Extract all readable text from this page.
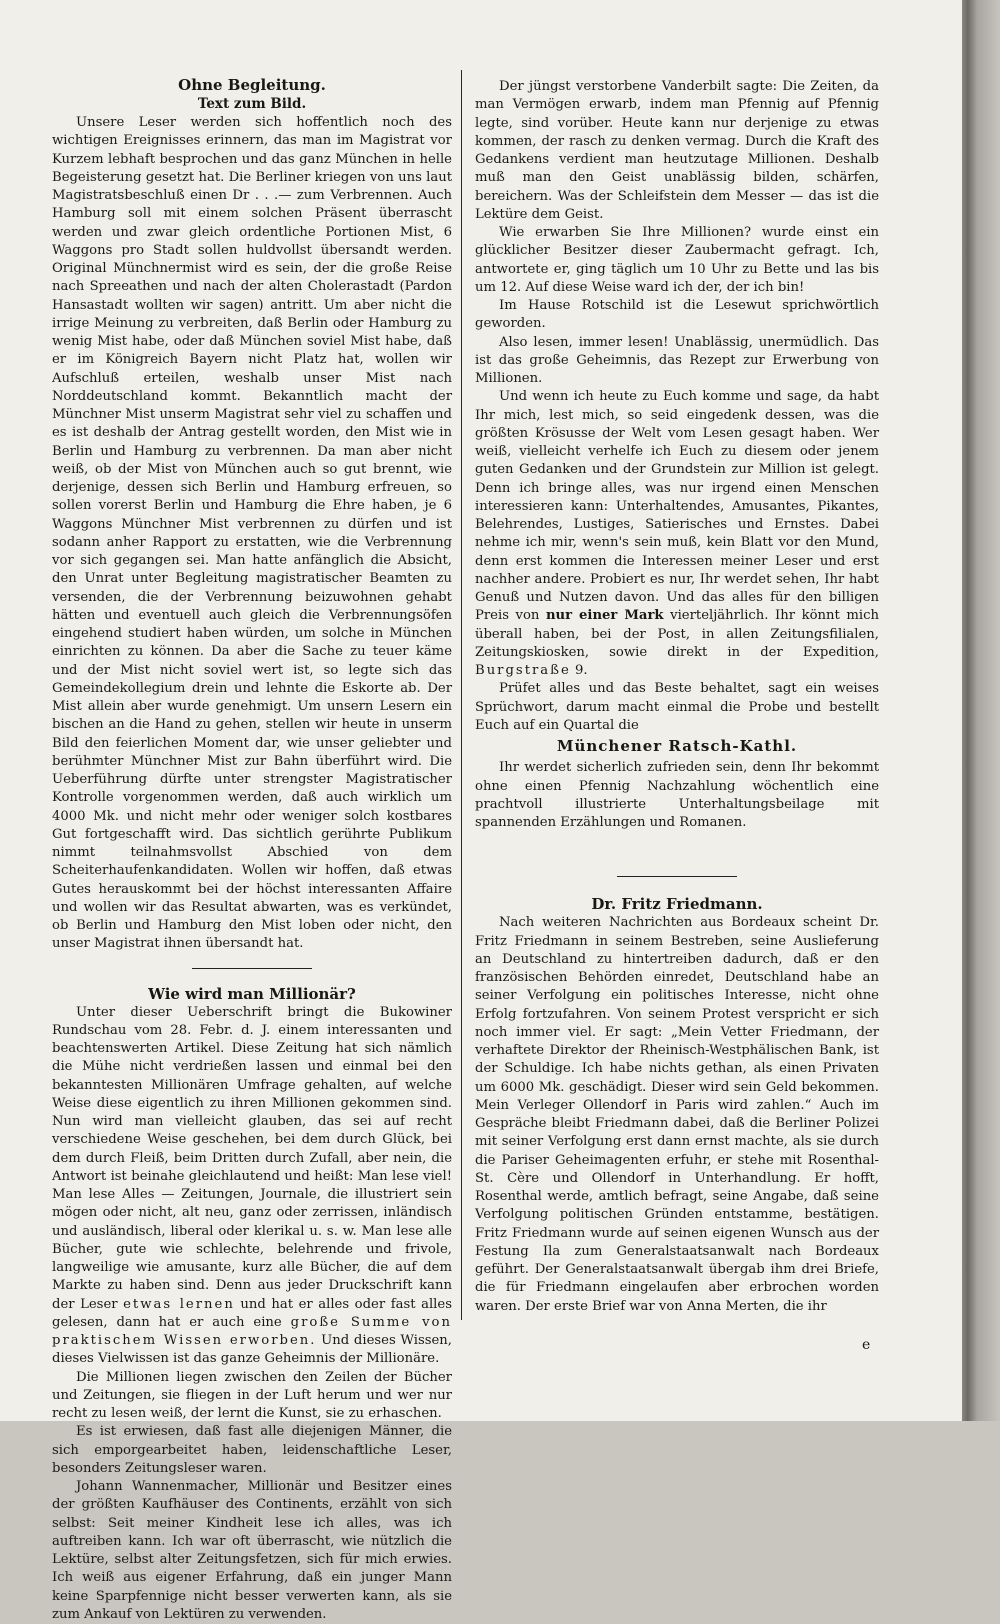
Ohne Begleitung.
Text zum Bild.

Unsere Leser werden sich hoffentlich noch des wichtigen Ereignisses erinnern, das man im Magistrat vor Kurzem lebhaft besprochen und das ganz München in helle Begeisterung gesetzt hat. Die Berliner kriegen von uns laut Magistratsbeschluß einen Dr . . .— zum Verbrennen. Auch Hamburg soll mit einem solchen Präsent überrascht werden und zwar gleich ordentliche Portionen Mist, 6 Waggons pro Stadt sollen huldvollst übersandt werden. Original Münchnermist wird es sein, der die große Reise nach Spreeathen und nach der alten Cholerastadt (Pardon Hansastadt wollten wir sagen) antritt. Um aber nicht die irrige Meinung zu verbreiten, daß Berlin oder Hamburg zu wenig Mist habe, oder daß München soviel Mist habe, daß er im Königreich Bayern nicht Platz hat, wollen wir Aufschluß erteilen, weshalb unser Mist nach Norddeutschland kommt. Bekanntlich macht der Münchner Mist unserm Magistrat sehr viel zu schaffen und es ist deshalb der Antrag gestellt worden, den Mist wie in Berlin und Hamburg zu verbrennen. Da man aber nicht weiß, ob der Mist von München auch so gut brennt, wie derjenige, dessen sich Berlin und Hamburg erfreuen, so sollen vorerst Berlin und Hamburg die Ehre haben, je 6 Waggons Münchner Mist verbrennen zu dürfen und ist sodann anher Rapport zu erstatten, wie die Verbrennung vor sich gegangen sei. Man hatte anfänglich die Absicht, den Unrat unter Begleitung magistratischer Beamten zu versenden, die der Verbrennung beizuwohnen gehabt hätten und eventuell auch gleich die Verbrennungsöfen eingehend studiert haben würden, um solche in München einrichten zu können. Da aber die Sache zu teuer käme und der Mist nicht soviel wert ist, so legte sich das Gemeindekollegium drein und lehnte die Eskorte ab. Der Mist allein aber wurde genehmigt. Um unsern Lesern ein bischen an die Hand zu gehen, stellen wir heute in unserm Bild den feierlichen Moment dar, wie unser geliebter und berühmter Münchner Mist zur Bahn überführt wird. Die Ueberführung dürfte unter strengster Magistratischer Kontrolle vorgenommen werden, daß auch wirklich um 4000 Mk. und nicht mehr oder weniger solch kostbares Gut fortgeschafft wird. Das sichtlich gerührte Publikum nimmt teilnahmsvollst Abschied von dem Scheiterhaufenkandidaten. Wollen wir hoffen, daß etwas Gutes herauskommt bei der höchst interessanten Affaire und wollen wir das Resultat abwarten, was es verkündet, ob Berlin und Hamburg den Mist loben oder nicht, den unser Magistrat ihnen übersandt hat.

Wie wird man Millionär?

Unter dieser Ueberschrift bringt die Bukowiner Rundschau vom 28. Febr. d. J. einem interessanten und beachtenswerten Artikel. Diese Zeitung hat sich nämlich die Mühe nicht verdrießen lassen und einmal bei den bekanntesten Millionären Umfrage gehalten, auf welche Weise diese eigentlich zu ihren Millionen gekommen sind. Nun wird man vielleicht glauben, das sei auf recht verschiedene Weise geschehen, bei dem durch Glück, bei dem durch Fleiß, beim Dritten durch Zufall, aber nein, die Antwort ist beinahe gleichlautend und heißt: Man lese viel! Man lese Alles — Zeitungen, Journale, die illustriert sein mögen oder nicht, alt neu, ganz oder zerrissen, inländisch und ausländisch, liberal oder klerikal u. s. w. Man lese alle Bücher, gute wie schlechte, belehrende und frivole, langweilige wie amusante, kurz alle Bücher, die auf dem Markte zu haben sind. Denn aus jeder Druckschrift kann der Leser etwas lernen und hat er alles oder fast alles gelesen, dann hat er auch eine große Summe von praktischem Wissen erworben. Und dieses Wissen, dieses Vielwissen ist das ganze Geheimnis der Millionäre.

Die Millionen liegen zwischen den Zeilen der Bücher und Zeitungen, sie fliegen in der Luft herum und wer nur recht zu lesen weiß, der lernt die Kunst, sie zu erhaschen.

Es ist erwiesen, daß fast alle diejenigen Männer, die sich emporgearbeitet haben, leidenschaftliche Leser, besonders Zeitungsleser waren.

Johann Wannenmacher, Millionär und Besitzer eines der größten Kaufhäuser des Continents, erzählt von sich selbst: Seit meiner Kindheit lese ich alles, was ich auftreiben kann. Ich war oft überrascht, wie nützlich die Lektüre, selbst alter Zeitungsfetzen, sich für mich erwies. Ich weiß aus eigener Erfahrung, daß ein junger Mann keine Sparpfennige nicht besser verwerten kann, als sie zum Ankauf von Lektüren zu verwenden.

Der jüngst verstorbene Vanderbilt sagte: Die Zeiten, da man Vermögen erwarb, indem man Pfennig auf Pfennig legte, sind vorüber. Heute kann nur derjenige zu etwas kommen, der rasch zu denken vermag. Durch die Kraft des Gedankens verdient man heutzutage Millionen. Deshalb muß man den Geist unablässig bilden, schärfen, bereichern. Was der Schleifstein dem Messer — das ist die Lektüre dem Geist.

Wie erwarben Sie Ihre Millionen? wurde einst ein glücklicher Besitzer dieser Zaubermacht gefragt. Ich, antwortete er, ging täglich um 10 Uhr zu Bette und las bis um 12. Auf diese Weise ward ich der, der ich bin!

Im Hause Rotschild ist die Lesewut sprichwörtlich geworden.

Also lesen, immer lesen! Unablässig, unermüdlich. Das ist das große Geheimnis, das Rezept zur Erwerbung von Millionen.

Und wenn ich heute zu Euch komme und sage, da habt Ihr mich, lest mich, so seid eingedenk dessen, was die größten Krösusse der Welt vom Lesen gesagt haben. Wer weiß, vielleicht verhelfe ich Euch zu diesem oder jenem guten Gedanken und der Grundstein zur Million ist gelegt. Denn ich bringe alles, was nur irgend einen Menschen interessieren kann: Unterhaltendes, Amusantes, Pikantes, Belehrendes, Lustiges, Satierisches und Ernstes. Dabei nehme ich mir, wenn's sein muß, kein Blatt vor den Mund, denn erst kommen die Interessen meiner Leser und erst nachher andere. Probiert es nur, Ihr werdet sehen, Ihr habt Genuß und Nutzen davon. Und das alles für den billigen Preis von nur einer Mark vierteljährlich. Ihr könnt mich überall haben, bei der Post, in allen Zeitungsfilialen, Zeitungskiosken, sowie direkt in der Expedition, Burgstraße 9.

Prüfet alles und das Beste behaltet, sagt ein weises Sprüchwort, darum macht einmal die Probe und bestellt Euch auf ein Quartal die

Münchener Ratsch-Kathl.

Ihr werdet sicherlich zufrieden sein, denn Ihr bekommt ohne einen Pfennig Nachzahlung wöchentlich eine prachtvoll illustrierte Unterhaltungsbeilage mit spannenden Erzählungen und Romanen.

Dr. Fritz Friedmann.

Nach weiteren Nachrichten aus Bordeaux scheint Dr. Fritz Friedmann in seinem Bestreben, seine Auslieferung an Deutschland zu hintertreiben dadurch, daß er den französischen Behörden einredet, Deutschland habe an seiner Verfolgung ein politisches Interesse, nicht ohne Erfolg fortzufahren. Von seinem Protest verspricht er sich noch immer viel. Er sagt: „Mein Vetter Friedmann, der verhaftete Direktor der Rheinisch-Westphälischen Bank, ist der Schuldige. Ich habe nichts gethan, als einen Privaten um 6000 Mk. geschädigt. Dieser wird sein Geld bekommen. Mein Verleger Ollendorf in Paris wird zahlen.“ Auch im Gespräche bleibt Friedmann dabei, daß die Berliner Polizei mit seiner Verfolgung erst dann ernst machte, als sie durch die Pariser Geheimagenten erfuhr, er stehe mit Rosenthal-St. Cère und Ollendorf in Unterhandlung. Er hofft, Rosenthal werde, amtlich befragt, seine Angabe, daß seine Verfolgung politischen Gründen entstamme, bestätigen. Fritz Friedmann wurde auf seinen eigenen Wunsch aus der Festung Ila zum Generalstaatsanwalt nach Bordeaux geführt. Der Generalstaatsanwalt übergab ihm drei Briefe, die für Friedmann eingelaufen aber erbrochen worden waren. Der erste Brief war von Anna Merten, die ihr

e
